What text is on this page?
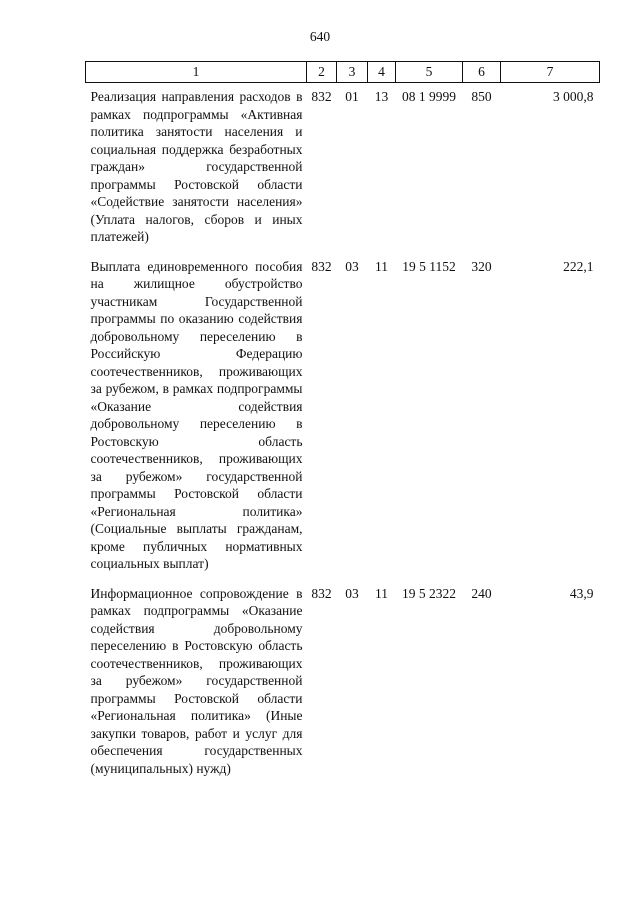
640
1	2	3	4	5	6	7
Реализация направления расходов в рамках подпрограммы «Активная политика занятости населения и социальная поддержка безработных граждан» государственной программы Ростовской области «Содействие занятости населения» (Уплата налогов, сборов и иных платежей)	832	01	13	08 1 9999	850	3 000,8
Выплата единовременного пособия на жилищное обустройство участникам Государственной программы по оказанию содействия добровольному переселению в Российскую Федерацию соотечественников, проживающих за рубежом, в рамках подпрограммы «Оказание содействия добровольному переселению в Ростовскую область соотечественников, проживающих за рубежом» государственной программы Ростовской области «Региональная политика» (Социальные выплаты гражданам, кроме публичных нормативных социальных выплат)	832	03	11	19 5 1152	320	222,1
Информационное сопровождение в рамках подпрограммы «Оказание содействия добровольному переселению в Ростовскую область соотечественников, проживающих за рубежом» государственной программы Ростовской области «Региональная политика» (Иные закупки товаров, работ и услуг для обеспечения государственных (муниципальных) нужд)	832	03	11	19 5 2322	240	43,9
